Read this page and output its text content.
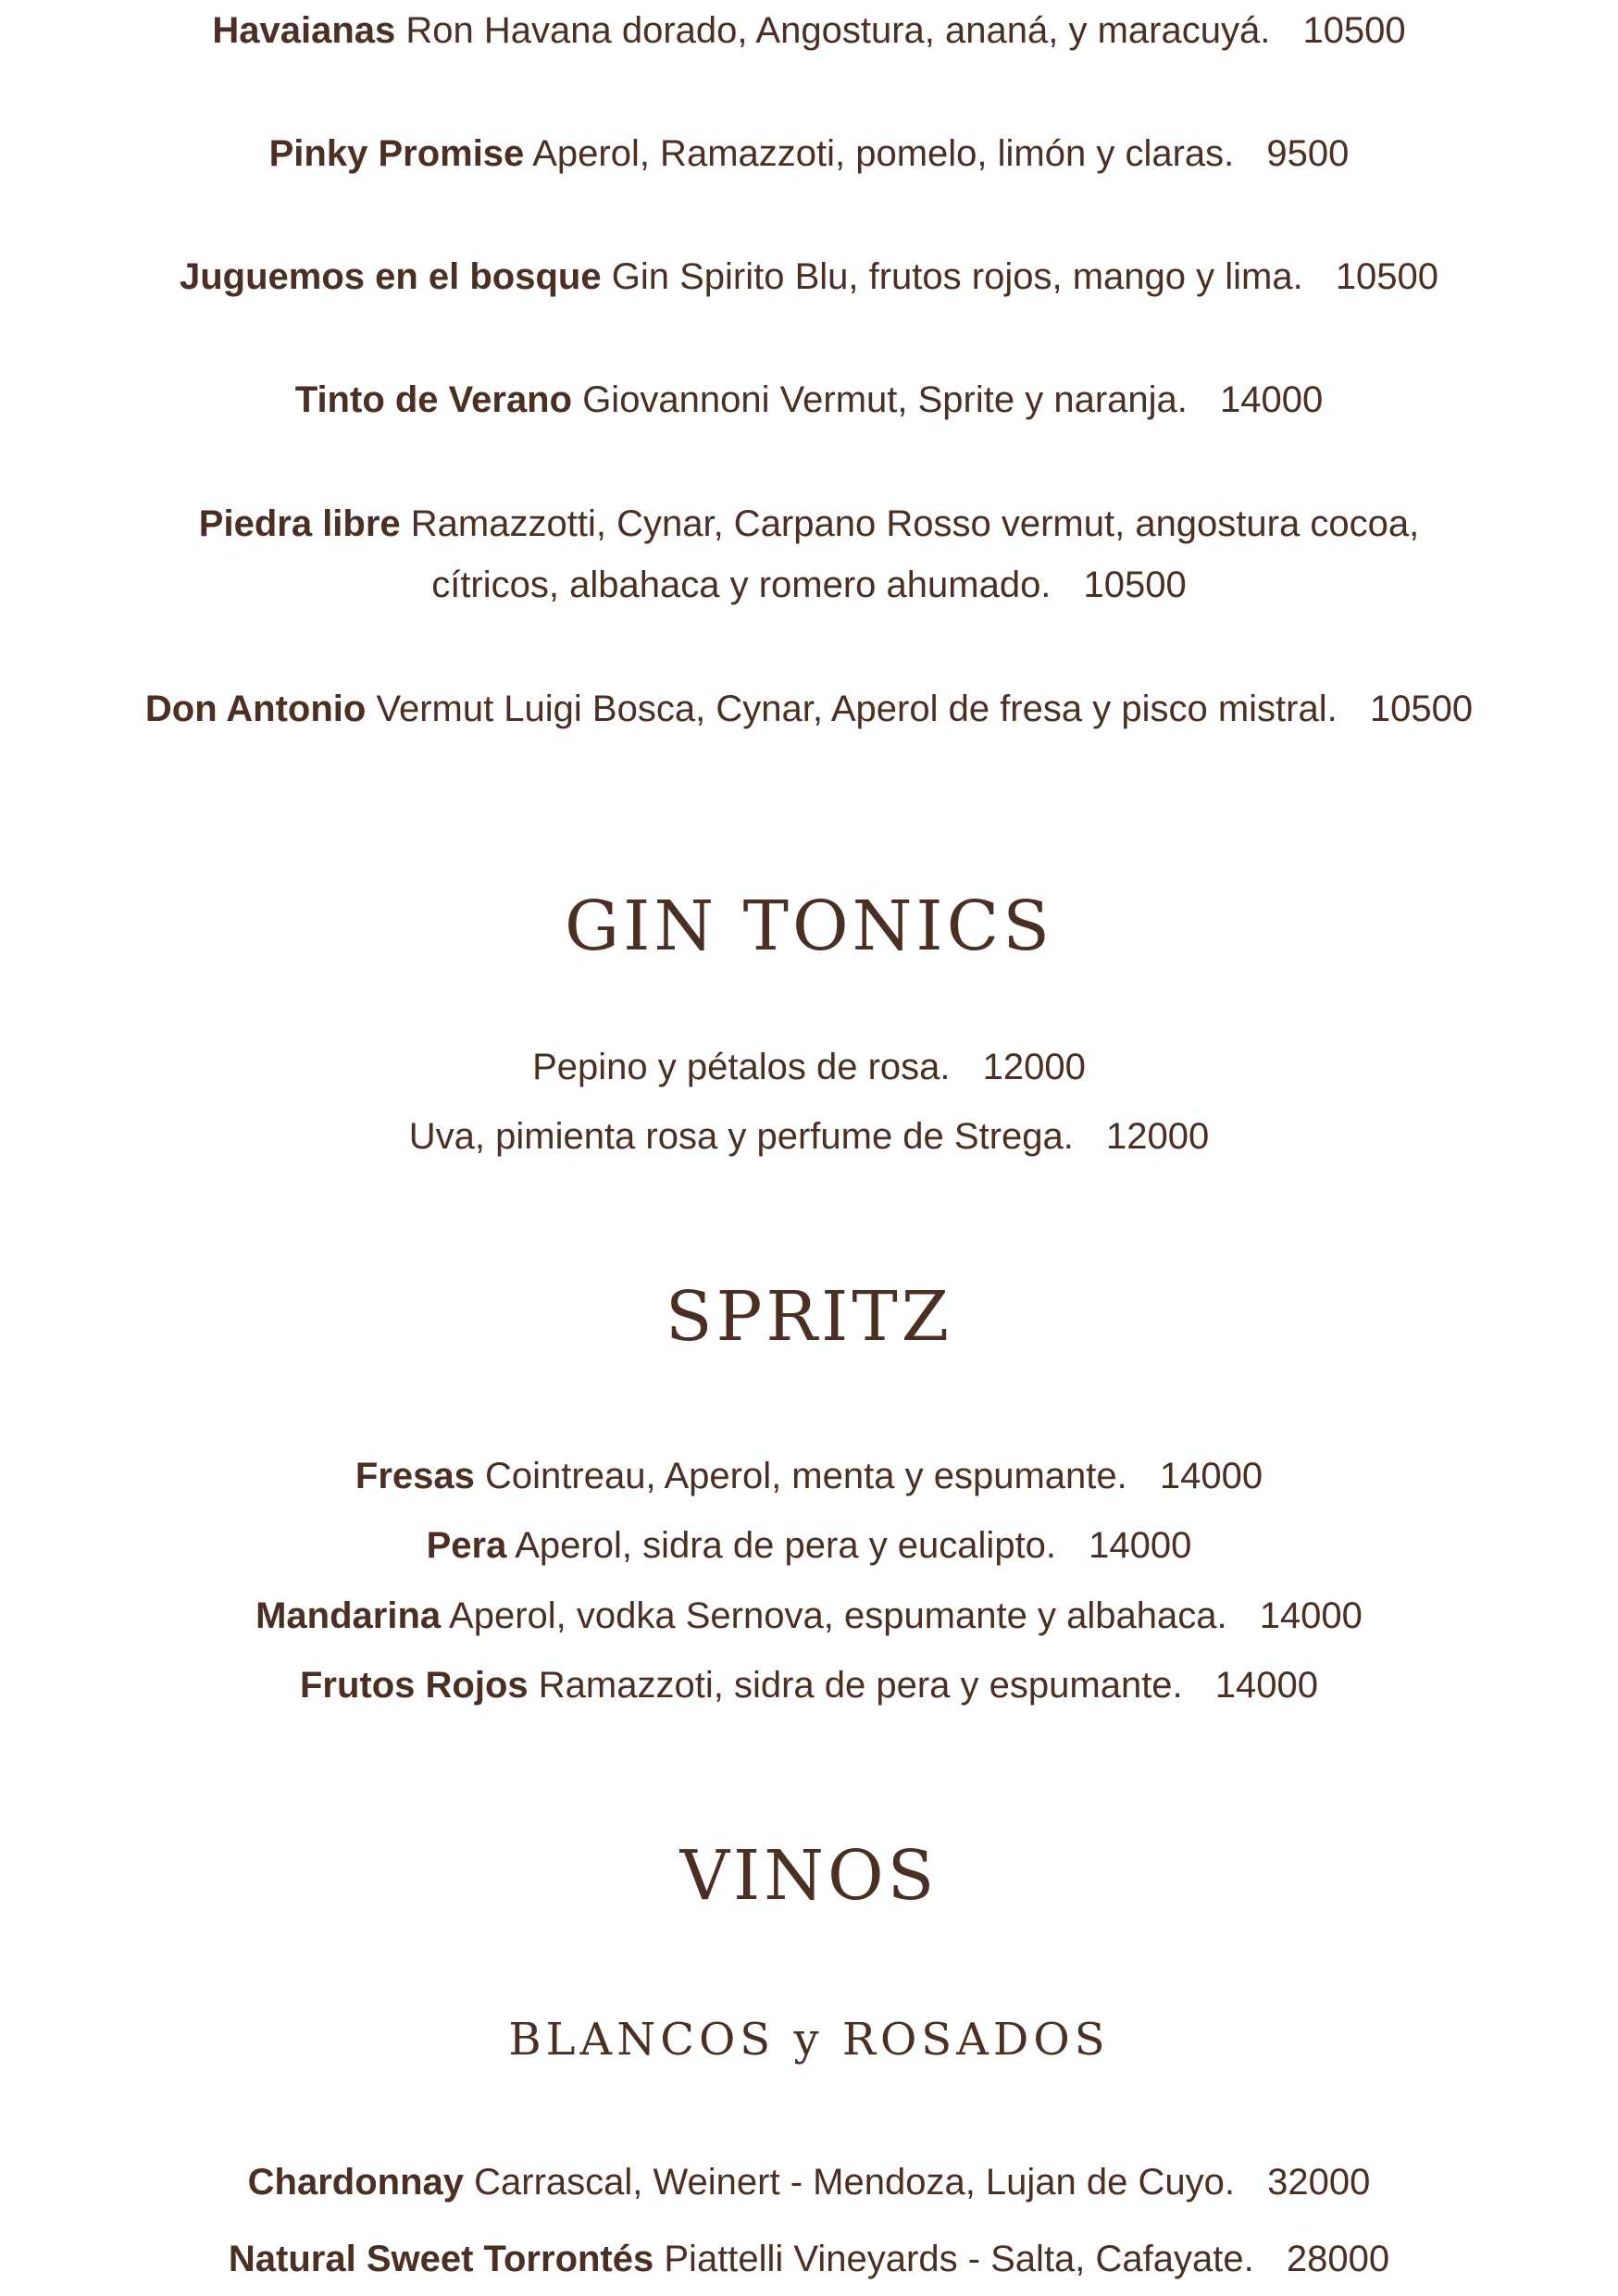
Havaianas Ron Havana dorado, Angostura, ananá, y maracuyá. 10500
Pinky Promise Aperol, Ramazzoti, pomelo, limón y claras. 9500
Juguemos en el bosque Gin Spirito Blu, frutos rojos, mango y lima. 10500
Tinto de Verano Giovannoni Vermut, Sprite y naranja. 14000
Piedra libre Ramazzotti, Cynar, Carpano Rosso vermut, angostura cocoa,
cítricos, albahaca y romero ahumado. 10500
Don Antonio Vermut Luigi Bosca, Cynar, Aperol de fresa y pisco mistral. 10500
GIN TONICS
Pepino y pétalos de rosa. 12000
Uva, pimienta rosa y perfume de Strega. 12000
SPRITZ
Fresas Cointreau, Aperol, menta y espumante. 14000
Pera Aperol, sidra de pera y eucalipto. 14000
Mandarina Aperol, vodka Sernova, espumante y albahaca. 14000
Frutos Rojos Ramazzoti, sidra de pera y espumante. 14000
VINOS
BLANCOS y ROSADOS
Chardonnay Carrascal, Weinert - Mendoza, Lujan de Cuyo. 32000
Natural Sweet Torrontés Piattelli Vineyards - Salta, Cafayate. 28000
